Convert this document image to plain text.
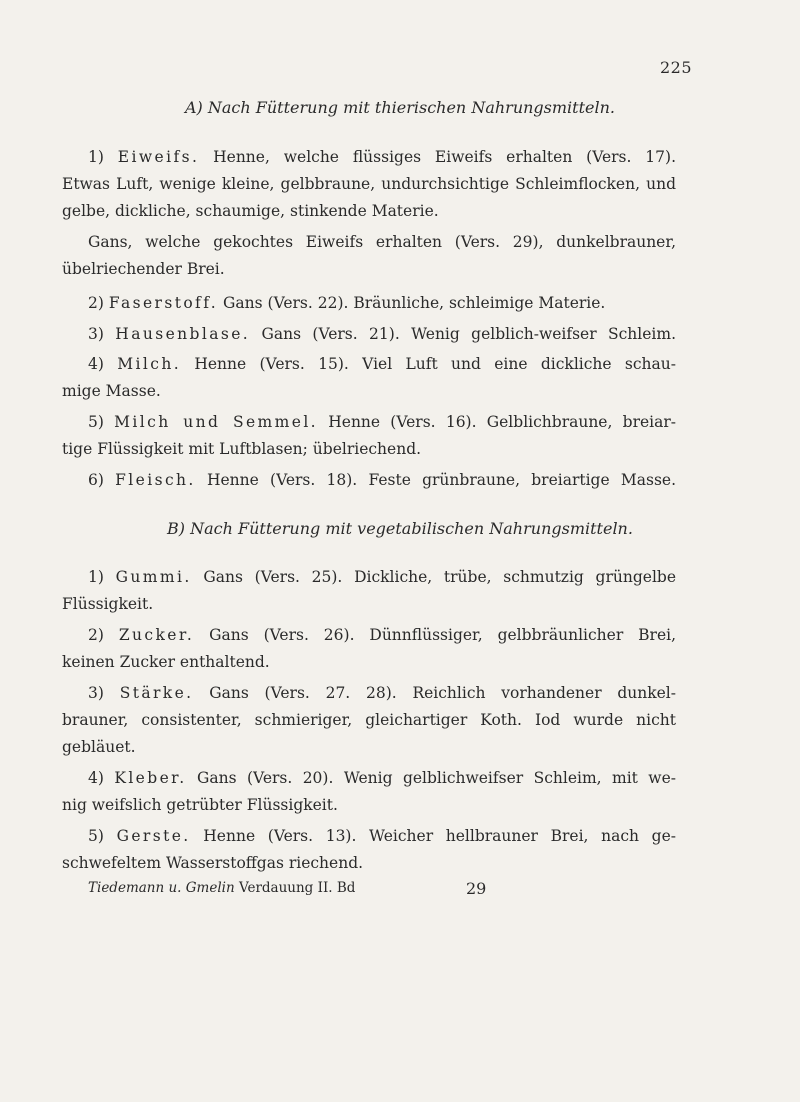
225
A) Nach Fütterung mit thierischen Nahrungsmitteln.
1) Eiweifs. Henne, welche flüssiges Eiweifs erhalten (Vers. 17).
Etwas Luft, wenige kleine, gelbbraune, undurchsichtige Schleimflocken, und
gelbe, dickliche, schaumige, stinkende Materie.
Gans, welche gekochtes Eiweifs erhalten (Vers. 29), dunkelbrauner,
übelriechender Brei.
2) Faserstoff. Gans (Vers. 22). Bräunliche, schleimige Materie.
3) Hausenblase. Gans (Vers. 21). Wenig gelblich-weifser Schleim.
4) Milch. Henne (Vers. 15). Viel Luft und eine dickliche schau-
mige Masse.
5) Milch und Semmel. Henne (Vers. 16). Gelblichbraune, breiar-
tige Flüssigkeit mit Luftblasen; übelriechend.
6) Fleisch. Henne (Vers. 18). Feste grünbraune, breiartige Masse.
B) Nach Fütterung mit vegetabilischen Nahrungsmitteln.
1) Gummi. Gans (Vers. 25). Dickliche, trübe, schmutzig grüngelbe
Flüssigkeit.
2) Zucker. Gans (Vers. 26). Dünnflüssiger, gelbbräunlicher Brei,
keinen Zucker enthaltend.
3) Stärke. Gans (Vers. 27. 28). Reichlich vorhandener dunkel-
brauner, consistenter, schmieriger, gleichartiger Koth. Iod wurde nicht
gebläuet.
4) Kleber. Gans (Vers. 20). Wenig gelblichweifser Schleim, mit we-
nig weifslich getrübter Flüssigkeit.
5) Gerste. Henne (Vers. 13). Weicher hellbrauner Brei, nach ge-
schwefeltem Wasserstoffgas riechend.
Tiedemann u. Gmelin Verdauung II. Bd	29
